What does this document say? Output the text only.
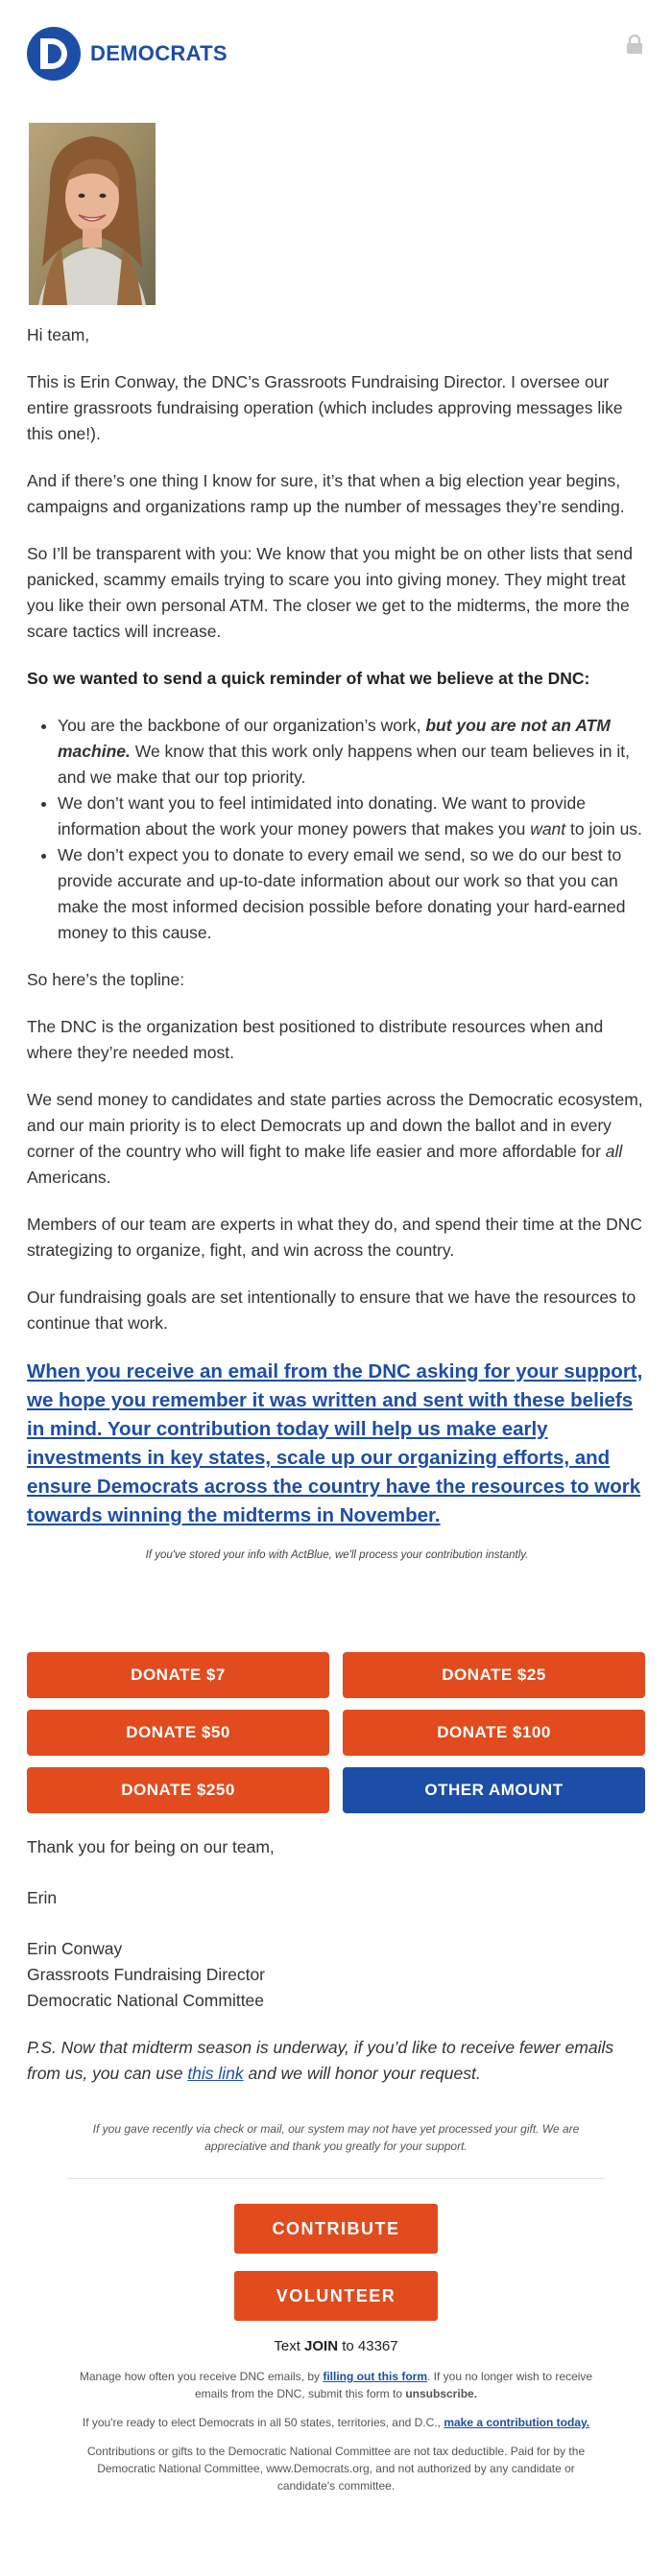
DEMOCRATS

Hi team,

This is Erin Conway, the DNC’s Grassroots Fundraising Director. I oversee our entire grassroots fundraising operation (which includes approving messages like this one!).

And if there’s one thing I know for sure, it’s that when a big election year begins, campaigns and organizations ramp up the number of messages they’re sending.

So I’ll be transparent with you: We know that you might be on other lists that send panicked, scammy emails trying to scare you into giving money. They might treat you like their own personal ATM. The closer we get to the midterms, the more the scare tactics will increase.

So we wanted to send a quick reminder of what we believe at the DNC:

• You are the backbone of our organization’s work, but you are not an ATM machine. We know that this work only happens when our team believes in it, and we make that our top priority.
• We don’t want you to feel intimidated into donating. We want to provide information about the work your money powers that makes you want to join us.
• We don’t expect you to donate to every email we send, so we do our best to provide accurate and up-to-date information about our work so that you can make the most informed decision possible before donating your hard-earned money to this cause.

So here’s the topline:

The DNC is the organization best positioned to distribute resources when and where they’re needed most.

We send money to candidates and state parties across the Democratic ecosystem, and our main priority is to elect Democrats up and down the ballot and in every corner of the country who will fight to make life easier and more affordable for all Americans.

Members of our team are experts in what they do, and spend their time at the DNC strategizing to organize, fight, and win across the country.

Our fundraising goals are set intentionally to ensure that we have the resources to continue that work.

When you receive an email from the DNC asking for your support, we hope you remember it was written and sent with these beliefs in mind. Your contribution today will help us make early investments in key states, scale up our organizing efforts, and ensure Democrats across the country have the resources to work towards winning the midterms in November.
If you've stored your info with ActBlue, we'll process your contribution instantly.
DONATE $7	DONATE $25
DONATE $50	DONATE $100
DONATE $250	OTHER AMOUNT

Thank you for being on our team,

Erin

Erin Conway
Grassroots Fundraising Director
Democratic National Committee

P.S. Now that midterm season is underway, if you’d like to receive fewer emails from us, you can use this link and we will honor your request.

If you gave recently via check or mail, our system may not have yet processed your gift. We are appreciative and thank you greatly for your support.
CONTRIBUTE
VOLUNTEER
Text JOIN to 43367
Manage how often you receive DNC emails, by filling out this form. If you no longer wish to receive emails from the DNC, submit this form to unsubscribe.
If you're ready to elect Democrats in all 50 states, territories, and D.C., make a contribution today.
Contributions or gifts to the Democratic National Committee are not tax deductible. Paid for by the Democratic National Committee, www.Democrats.org, and not authorized by any candidate or candidate's committee.
